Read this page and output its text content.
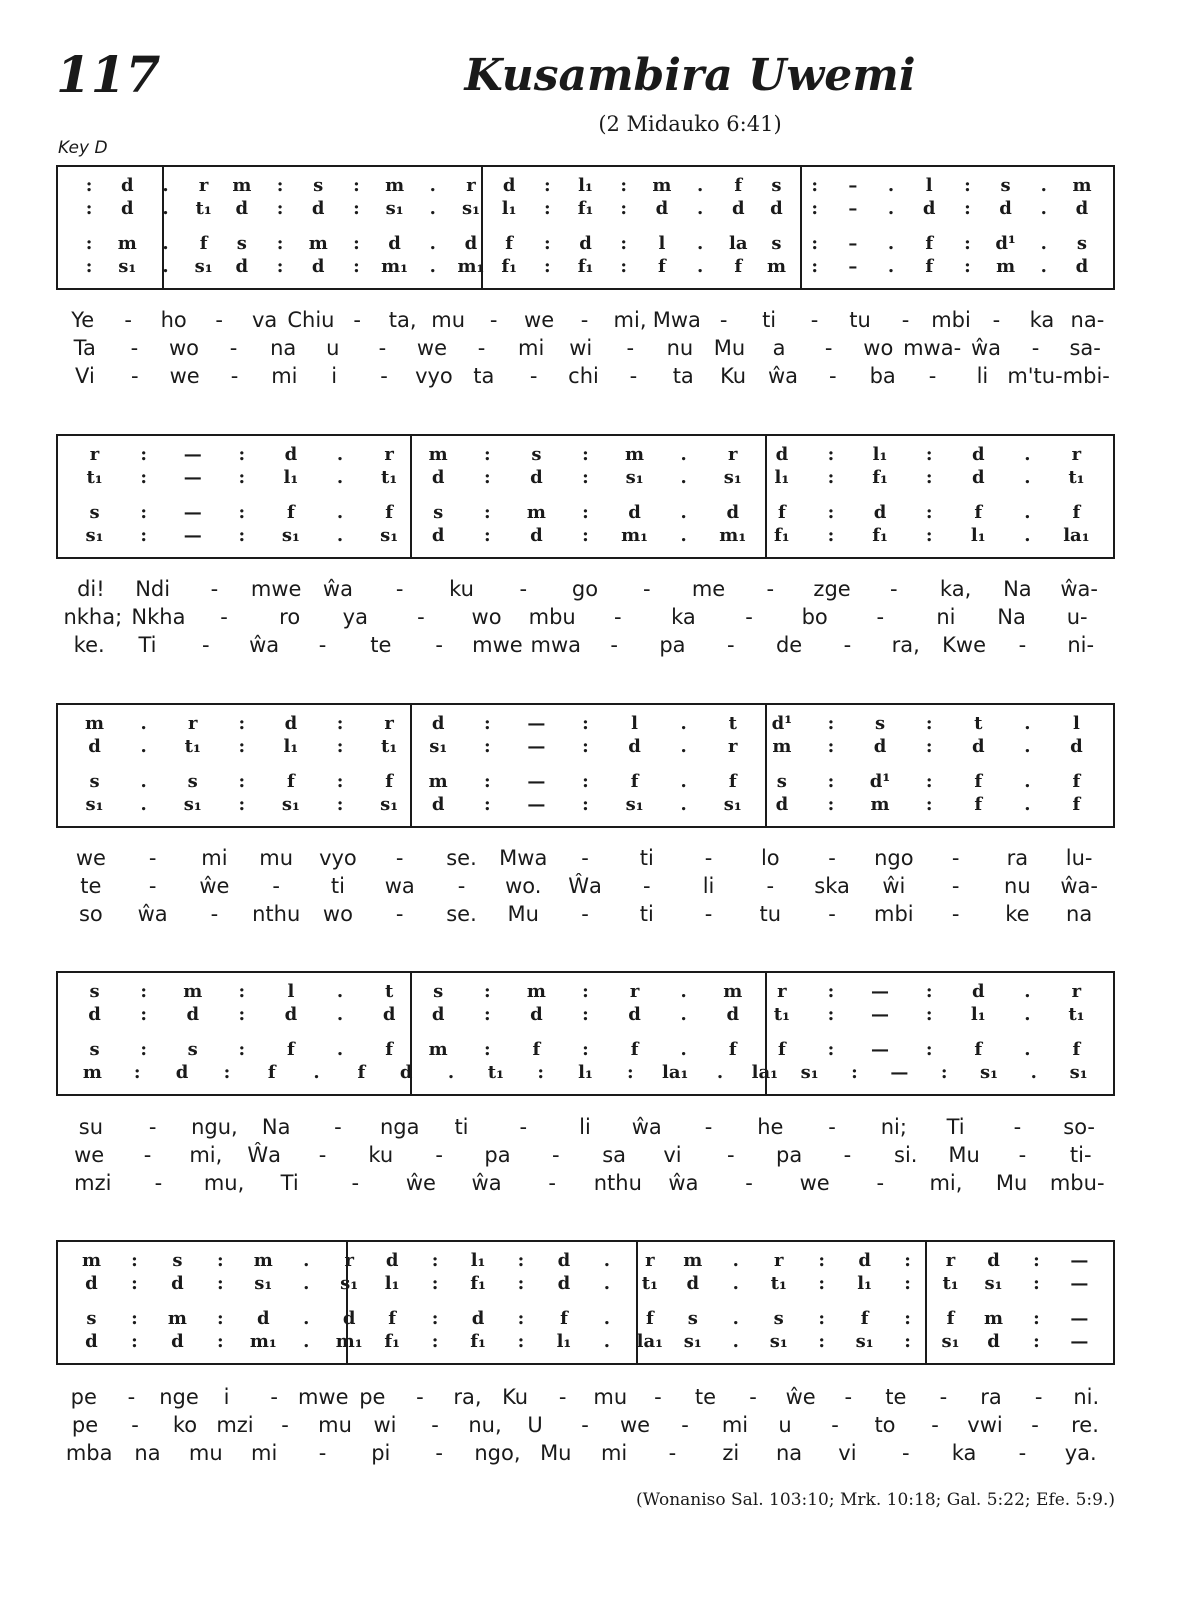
117	Kusambira Uwemi
(2 Midauko 6:41)
Key D
:	d	.	r	m	:	s	:	m	.	r	d	:	l₁	:	m	.	f	s	:	–	.	l	:	s	.	m
:	d	.	t₁	d	:	d	:	s₁	.	s₁	l₁	:	f₁	:	d	.	d	d	:	–	.	d	:	d	.	d
:	m	.	f	s	:	m	:	d	.	d	f	:	d	:	l	.	la	s	:	–	.	f	:	d¹	.	s
:	s₁	.	s₁	d	:	d	:	m₁	.	m₁ f₁	:	f₁	:	f	.	f	m	:	–	.	f	:	m	.	d
Ye	-	ho	-	va Chiu -	ta, mu	-	we	-	mi, Mwa -	ti	-	tu	-	mbi	-	ka na-
Ta	-	wo	-	na	u	-	we	-	mi	wi	-	nu Mu	a	-	wo mwa- ŵa	-	sa-
Vi	-	we	-	mi	i	-	vyo ta	-	chi	-	ta	Ku	ŵa	-	ba	-	li m'tu-mbi-
r	:	—	:	d	.	r	m	:	s	:	m	.	r	d	:	l₁	:	d	.	r
t₁	:	—	:	l₁	.	t₁	d	:	d	:	s₁	.	s₁	l₁	:	f₁	:	d	.	t₁
s	:	—	:	f	.	f	s	:	m	:	d	.	d	f	:	d	:	f	.	f
s₁	:	—	:	s₁	.	s₁	d	:	d	:	m₁	.	m₁	f₁	:	f₁	:	l₁	.	la₁
di!	Ndi	-	mwe	ŵa	-	ku	-	go	-	me	-	zge	-	ka,	Na	ŵa-
nkha; Nkha	-	ro	ya	-	wo	mbu	-	ka	-	bo	-	ni	Na	u-
ke.	Ti	-	ŵa	-	te	-	mwe mwa	-	pa	-	de	-	ra,	Kwe	-	ni-
m	.	r	:	d	:	r	d	:	—	:	l	.	t	d¹	:	s	:	t	.	l
d	.	t₁	:	l₁	:	t₁	s₁	:	—	:	d	.	r	m	:	d	:	d	.	d
s	.	s	:	f	:	f	m	:	—	:	f	.	f	s	:	d¹	:	f	.	f
s₁	.	s₁	:	s₁	:	s₁	d	:	—	:	s₁	.	s₁	d	:	m	:	f	.	f
we	-	mi	mu	vyo	-	se.	Mwa	-	ti	-	lo	-	ngo	-	ra	lu-
te	-	ŵe	-	ti	wa	-	wo.	Ŵa	-	li	-	ska	ŵi	-	nu	ŵa-
so	ŵa	-	nthu	wo	-	se.	Mu	-	ti	-	tu	-	mbi	-	ke	na
s	:	m	:	l	.	t	s	:	m	:	r	.	m	r	:	—	:	d	.	r
d	:	d	:	d	.	d	d	:	d	:	d	.	d	t₁	:	—	:	l₁	.	t₁
s	:	s	:	f	.	f	m	:	f	:	f	.	f	f	:	—	:	f	.	f
m	:	d	:	f	.	f	d	.	t₁	:	l₁	:	la₁	.	la₁	s₁	:	—	:	s₁	.	s₁
su	-	ngu,	Na	-	nga	ti	-	li	ŵa	-	he	-	ni;	Ti	-	so-
we	-	mi,	Ŵa	-	ku	-	pa	-	sa	vi	-	pa	-	si.	Mu	-	ti-
mzi	-	mu,	Ti	-	ŵe	ŵa	-	nthu	ŵa	-	we	-	mi,	Mu	mbu-
m	:	s	:	m	.	r	d	:	l₁	:	d	.	r	m	.	r	:	d	:	r	d	:	—
d	:	d	:	s₁	.	s₁	l₁	:	f₁	:	d	.	t₁	d	.	t₁	:	l₁	:	t₁	s₁	:	—
s	:	m	:	d	.	d	f	:	d	:	f	.	f	s	.	s	:	f	:	f	m	:	—
d	:	d	:	m₁	.	m₁	f₁	:	f₁	:	l₁	.	la₁	s₁	.	s₁	:	s₁	:	s₁	d	:	—
pe	-	nge	i	- mwe pe	-	ra, Ku	-	mu	-	te	-	ŵe	-	te	-	ra	-	ni.
pe	-	ko mzi	-	mu	wi	-	nu,	U	-	we	-	mi	u	-	to	-	vwi	-	re.
mba	na	mu	mi	-	pi	-	ngo, Mu	mi	-	zi	na	vi	-	ka	-	ya.
(Wonaniso Sal. 103:10; Mrk. 10:18; Gal. 5:22; Efe. 5:9.)
